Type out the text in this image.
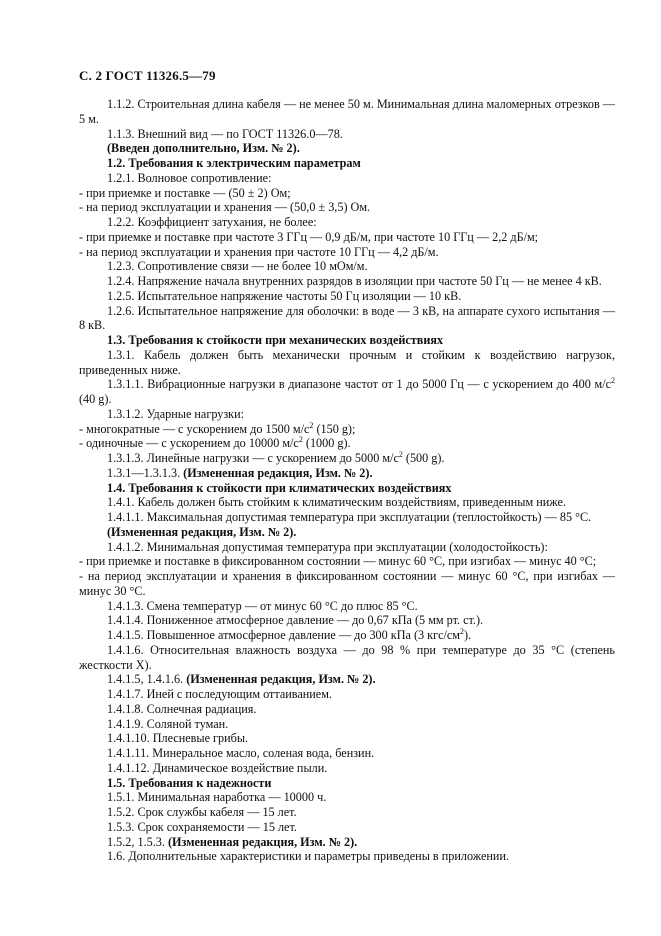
С. 2 ГОСТ 11326.5—79

1.1.2. Строительная длина кабеля — не менее 50 м. Минимальная длина маломерных отрезков — 5 м.

1.1.3. Внешний вид — по ГОСТ 11326.0—78.

(Введен дополнительно, Изм. № 2).

1.2. Требования к электрическим параметрам

1.2.1. Волновое сопротивление:

- при приемке и поставке — (50 ± 2) Ом;

- на период эксплуатации и хранения — (50,0 ± 3,5) Ом.

1.2.2. Коэффициент затухания, не более:

- при приемке и поставке при частоте 3 ГГц — 0,9 дБ/м, при частоте 10 ГГц — 2,2 дБ/м;

- на период эксплуатации и хранения при частоте 10 ГГц — 4,2 дБ/м.

1.2.3. Сопротивление связи — не более 10 мОм/м.

1.2.4. Напряжение начала внутренних разрядов в изоляции при частоте 50 Гц — не менее 4 кВ.

1.2.5. Испытательное напряжение частоты 50 Гц изоляции — 10 кВ.

1.2.6. Испытательное напряжение для оболочки: в воде — 3 кВ, на аппарате сухого испытания — 8 кВ.

1.3. Требования к стойкости при механических воздействиях

1.3.1. Кабель должен быть механически прочным и стойким к воздействию нагрузок, приведенных ниже.

1.3.1.1. Вибрационные нагрузки в диапазоне частот от 1 до 5000 Гц — с ускорением до 400 $м/с^2$ (40 g).

1.3.1.2. Ударные нагрузки:

- многократные — с ускорением до 1500 $м/с^2$ (150 g);

- одиночные — с ускорением до 10000 $м/с^2$ (1000 g).

1.3.1.3. Линейные нагрузки — с ускорением до 5000 $м/с^2$ (500 g).

1.3.1—1.3.1.3. (Измененная редакция, Изм. № 2).

1.4. Требования к стойкости при климатических воздействиях

1.4.1. Кабель должен быть стойким к климатическим воздействиям, приведенным ниже.

1.4.1.1. Максимальная допустимая температура при эксплуатации (теплостойкость) — 85 °С.

(Измененная редакция, Изм. № 2).

1.4.1.2. Минимальная допустимая температура при эксплуатации (холодостойкость):

- при приемке и поставке в фиксированном состоянии — минус 60 °С, при изгибах — минус 40 °С;

- на период эксплуатации и хранения в фиксированном состоянии — минус 60 °С, при изгибах — минус 30 °С.

1.4.1.3. Смена температур — от минус 60 °С до плюс 85 °С.

1.4.1.4. Пониженное атмосферное давление — до 0,67 кПа (5 мм рт. ст.).

1.4.1.5. Повышенное атмосферное давление — до 300 кПа (3 кгс/$см^2$).

1.4.1.6. Относительная влажность воздуха — до 98 % при температуре до 35 °С (степень жесткости X).

1.4.1.5, 1.4.1.6. (Измененная редакция, Изм. № 2).

1.4.1.7. Иней с последующим оттаиванием.

1.4.1.8. Солнечная радиация.

1.4.1.9. Соляной туман.

1.4.1.10. Плесневые грибы.

1.4.1.11. Минеральное масло, соленая вода, бензин.

1.4.1.12. Динамическое воздействие пыли.

1.5. Требования к надежности

1.5.1. Минимальная наработка — 10000 ч.

1.5.2. Срок службы кабеля — 15 лет.

1.5.3. Срок сохраняемости — 15 лет.

1.5.2, 1.5.3. (Измененная редакция, Изм. № 2).

1.6. Дополнительные характеристики и параметры приведены в приложении.
